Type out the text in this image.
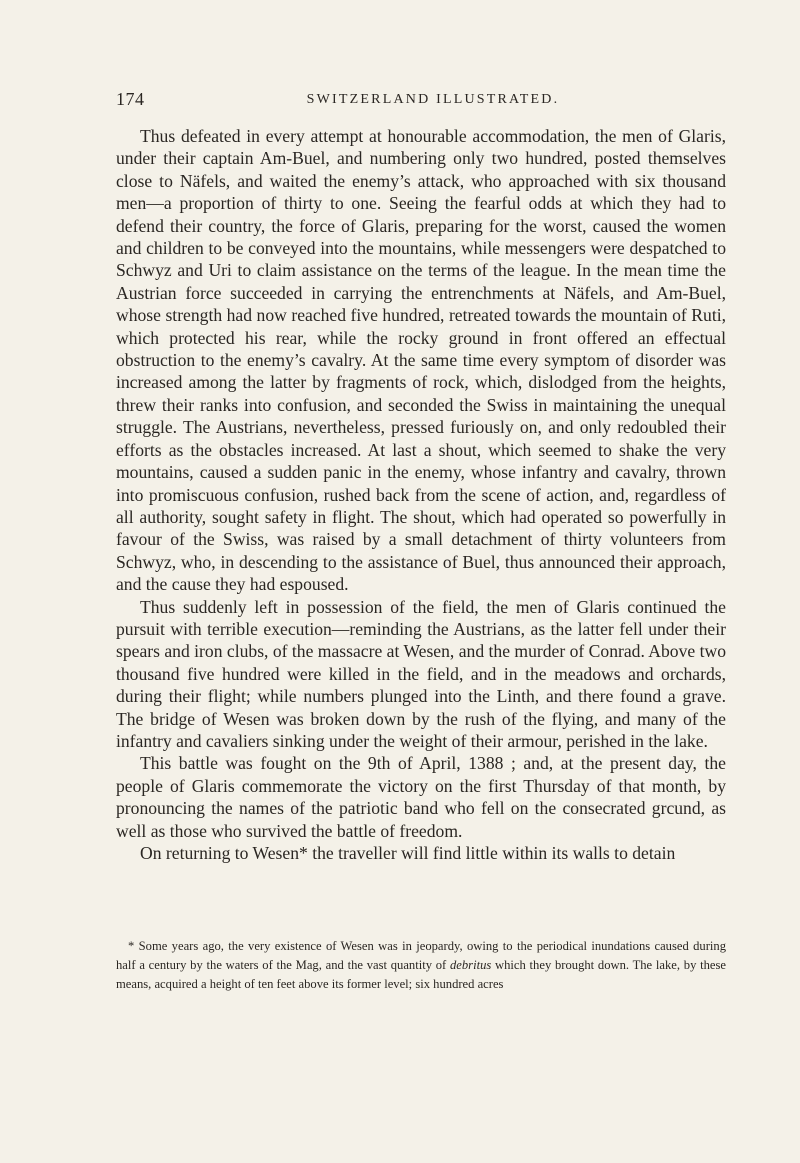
174	SWITZERLAND ILLUSTRATED.

Thus defeated in every attempt at honourable accommodation, the men of Glaris, under their captain Am-Buel, and numbering only two hundred, posted themselves close to Näfels, and waited the enemy’s attack, who approached with six thousand men—a proportion of thirty to one. Seeing the fearful odds at which they had to defend their country, the force of Glaris, preparing for the worst, caused the women and children to be conveyed into the mountains, while messengers were despatched to Schwyz and Uri to claim assistance on the terms of the league. In the mean time the Austrian force succeeded in carrying the entrenchments at Näfels, and Am-Buel, whose strength had now reached five hundred, retreated towards the mountain of Ruti, which protected his rear, while the rocky ground in front offered an effectual obstruction to the enemy’s cavalry. At the same time every symptom of disorder was increased among the latter by fragments of rock, which, dislodged from the heights, threw their ranks into confusion, and seconded the Swiss in maintaining the unequal struggle. The Austrians, nevertheless, pressed furiously on, and only redoubled their efforts as the obstacles increased. At last a shout, which seemed to shake the very mountains, caused a sudden panic in the enemy, whose infantry and cavalry, thrown into promiscuous confusion, rushed back from the scene of action, and, regardless of all authority, sought safety in flight. The shout, which had operated so powerfully in favour of the Swiss, was raised by a small detachment of thirty volunteers from Schwyz, who, in descending to the assistance of Buel, thus announced their approach, and the cause they had espoused.

Thus suddenly left in possession of the field, the men of Glaris continued the pursuit with terrible execution—reminding the Austrians, as the latter fell under their spears and iron clubs, of the massacre at Wesen, and the murder of Conrad. Above two thousand five hundred were killed in the field, and in the meadows and orchards, during their flight; while numbers plunged into the Linth, and there found a grave. The bridge of Wesen was broken down by the rush of the flying, and many of the infantry and cavaliers sinking under the weight of their armour, perished in the lake.

This battle was fought on the 9th of April, 1388 ; and, at the present day, the people of Glaris commemorate the victory on the first Thursday of that month, by pronouncing the names of the patriotic band who fell on the consecrated grcund, as well as those who survived the battle of freedom.

On returning to Wesen* the traveller will find little within its walls to detain

* Some years ago, the very existence of Wesen was in jeopardy, owing to the periodical inundations caused during half a century by the waters of the Mag, and the vast quantity of debritus which they brought down. The lake, by these means, acquired a height of ten feet above its former level; six hundred acres
